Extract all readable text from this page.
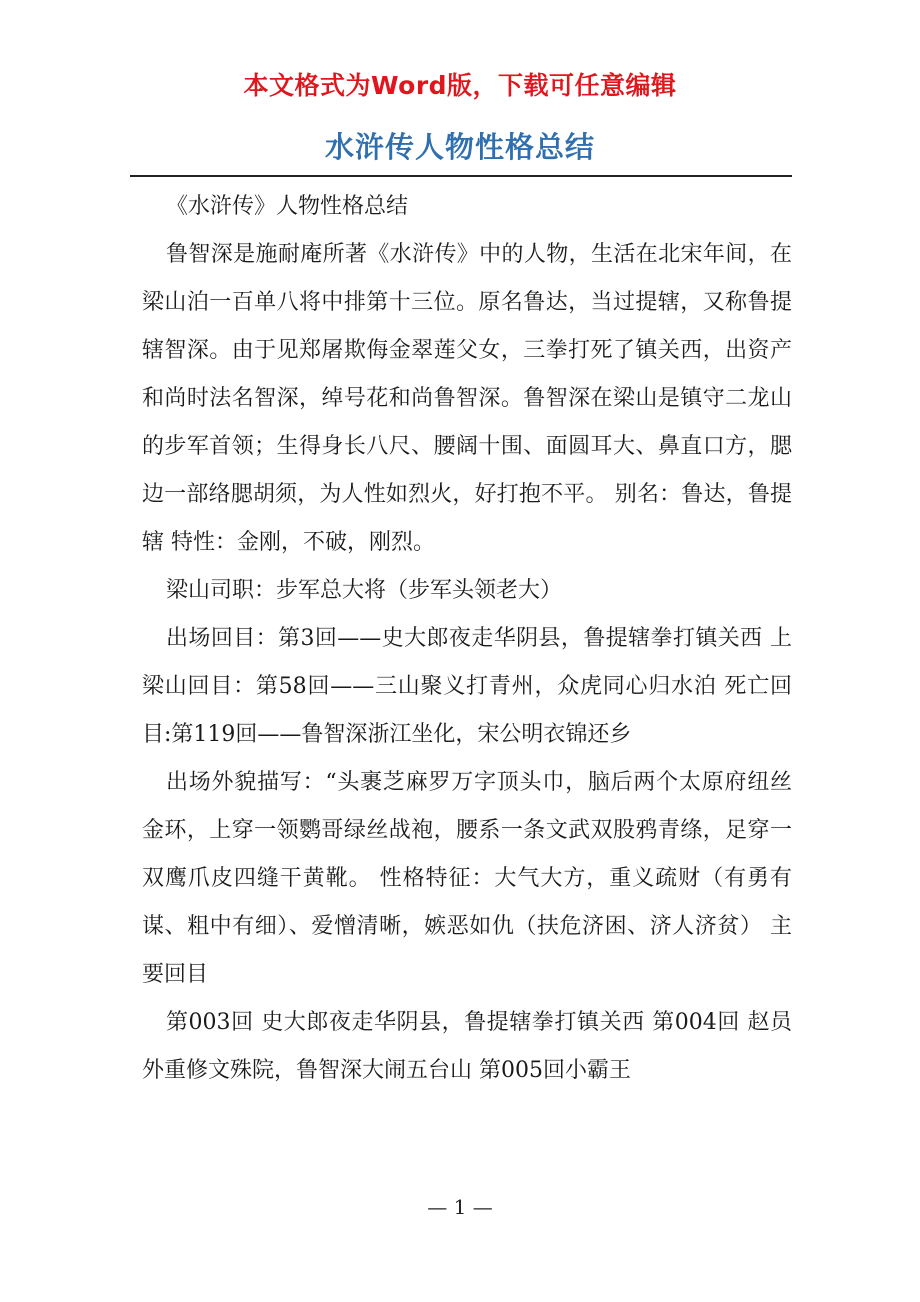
本文格式为Word版，下载可任意编辑
水浒传人物性格总结

《水浒传》人物性格总结

鲁智深是施耐庵所著《水浒传》中的人物，生活在北宋年间，在梁山泊一百单八将中排第十三位。原名鲁达，当过提辖，又称鲁提辖智深。由于见郑屠欺侮金翠莲父女，三拳打死了镇关西，出资产和尚时法名智深，绰号花和尚鲁智深。鲁智深在梁山是镇守二龙山的步军首领；生得身长八尺、腰阔十围、面圆耳大、鼻直口方，腮边一部络腮胡须，为人性如烈火，好打抱不平。 别名：鲁达，鲁提辖 特性：金刚，不破，刚烈。

梁山司职：步军总大将（步军头领老大）

出场回目：第3回——史大郎夜走华阴县，鲁提辖拳打镇关西 上梁山回目：第58回——三山聚义打青州，众虎同心归水泊 死亡回目:第119回——鲁智深浙江坐化，宋公明衣锦还乡

出场外貌描写：“头裹芝麻罗万字顶头巾，脑后两个太原府纽丝金环，上穿一领鹦哥绿丝战袍，腰系一条文武双股鸦青绦，足穿一双鹰爪皮四缝干黄靴。 性格特征：大气大方，重义疏财（有勇有谋、粗中有细）、爱憎清晰，嫉恶如仇（扶危济困、济人济贫） 主要回目

第003回 史大郎夜走华阴县，鲁提辖拳打镇关西 第004回 赵员外重修文殊院，鲁智深大闹五台山 第005回小霸王

— 1 —
